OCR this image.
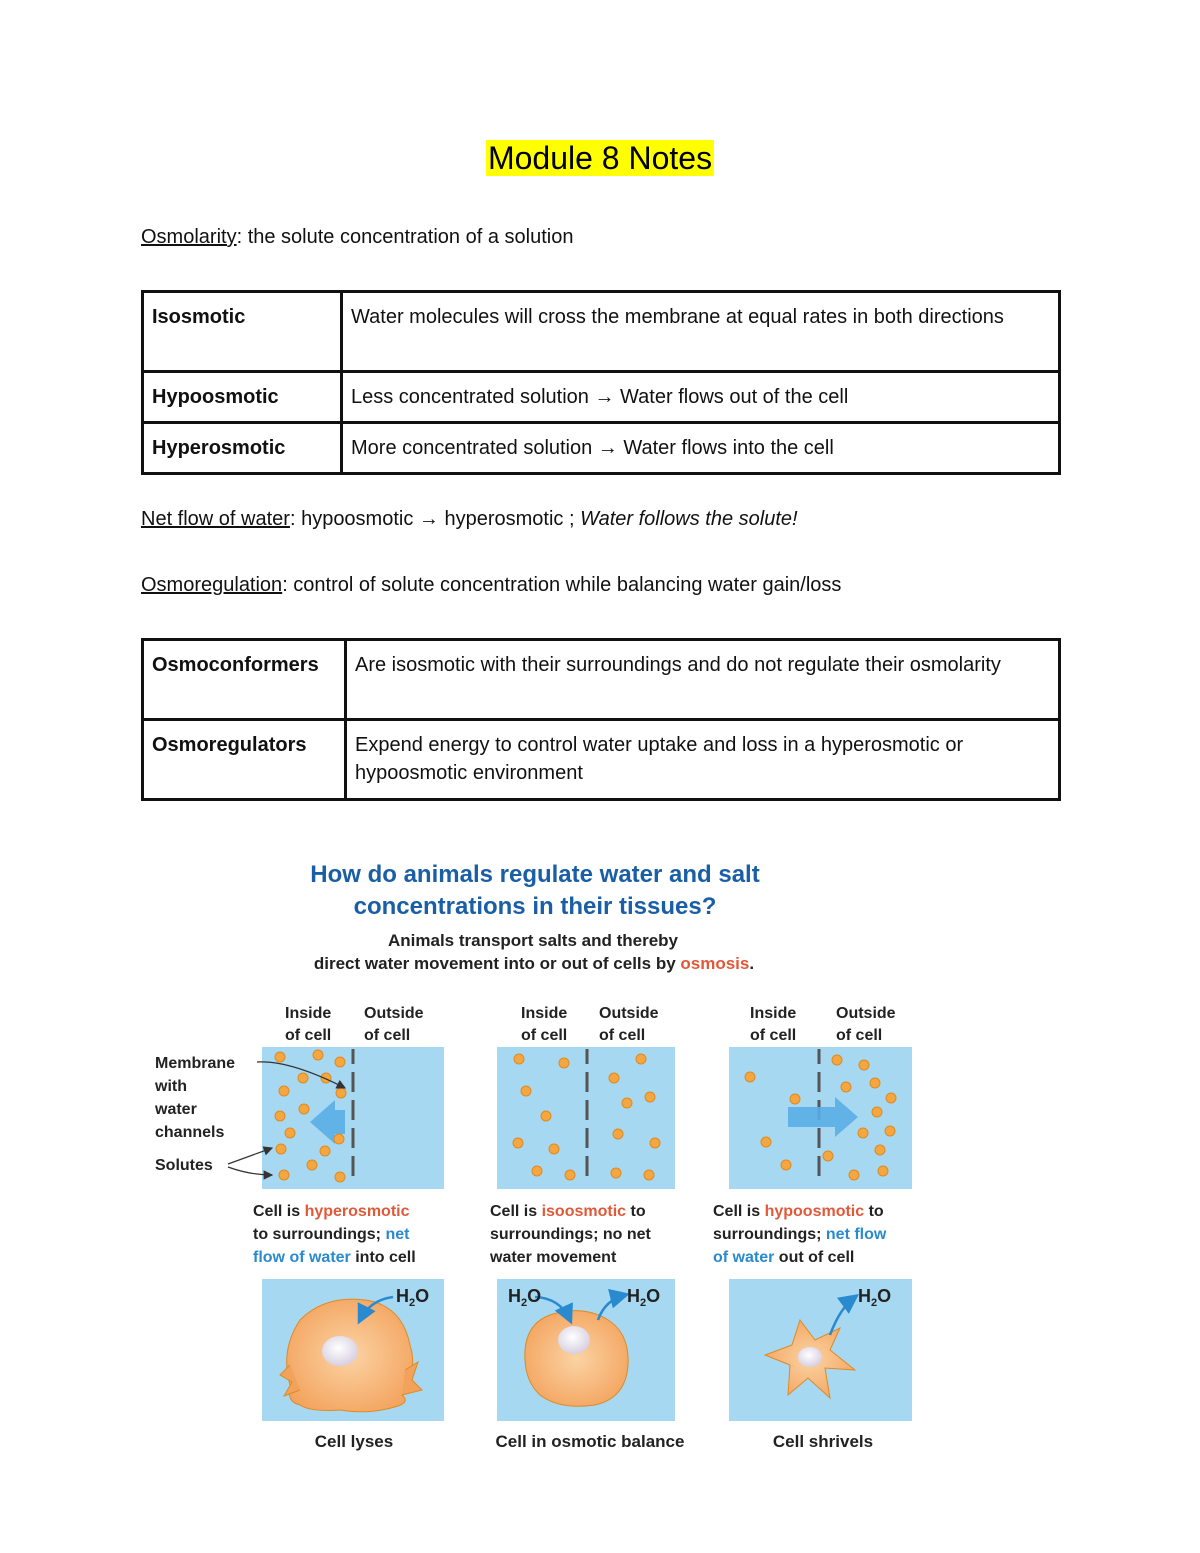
Module 8 Notes
Osmolarity: the solute concentration of a solution
Isosmotic	Water molecules will cross the membrane at equal rates in both directions
Hypoosmotic	Less concentrated solution → Water flows out of the cell
Hyperosmotic	More concentrated solution → Water flows into the cell
Net flow of water: hypoosmotic → hyperosmotic ; Water follows the solute!
Osmoregulation: control of solute concentration while balancing water gain/loss
Osmoconformers	Are isosmotic with their surroundings and do not regulate their osmolarity
Osmoregulators	Expend energy to control water uptake and loss in a hyperosmotic or hypoosmotic environment
How do animals regulate water and salt
concentrations in their tissues?
Animals transport salts and thereby
direct water movement into or out of cells by osmosis.
Inside
of cell
Outside
of cell
Inside
of cell
Outside
of cell
Inside
of cell
Outside
of cell
Membrane
with
water
channels
Solutes
Cell is hyperosmotic
to surroundings; net
flow of water into cell
Cell is isoosmotic to
surroundings; no net
water movement
Cell is hypoosmotic to
surroundings; net flow
of water out of cell
$H_2O$	$H_2O$	$H_2O$	$H_2O$
Cell lyses	Cell in osmotic balance	Cell shrivels
